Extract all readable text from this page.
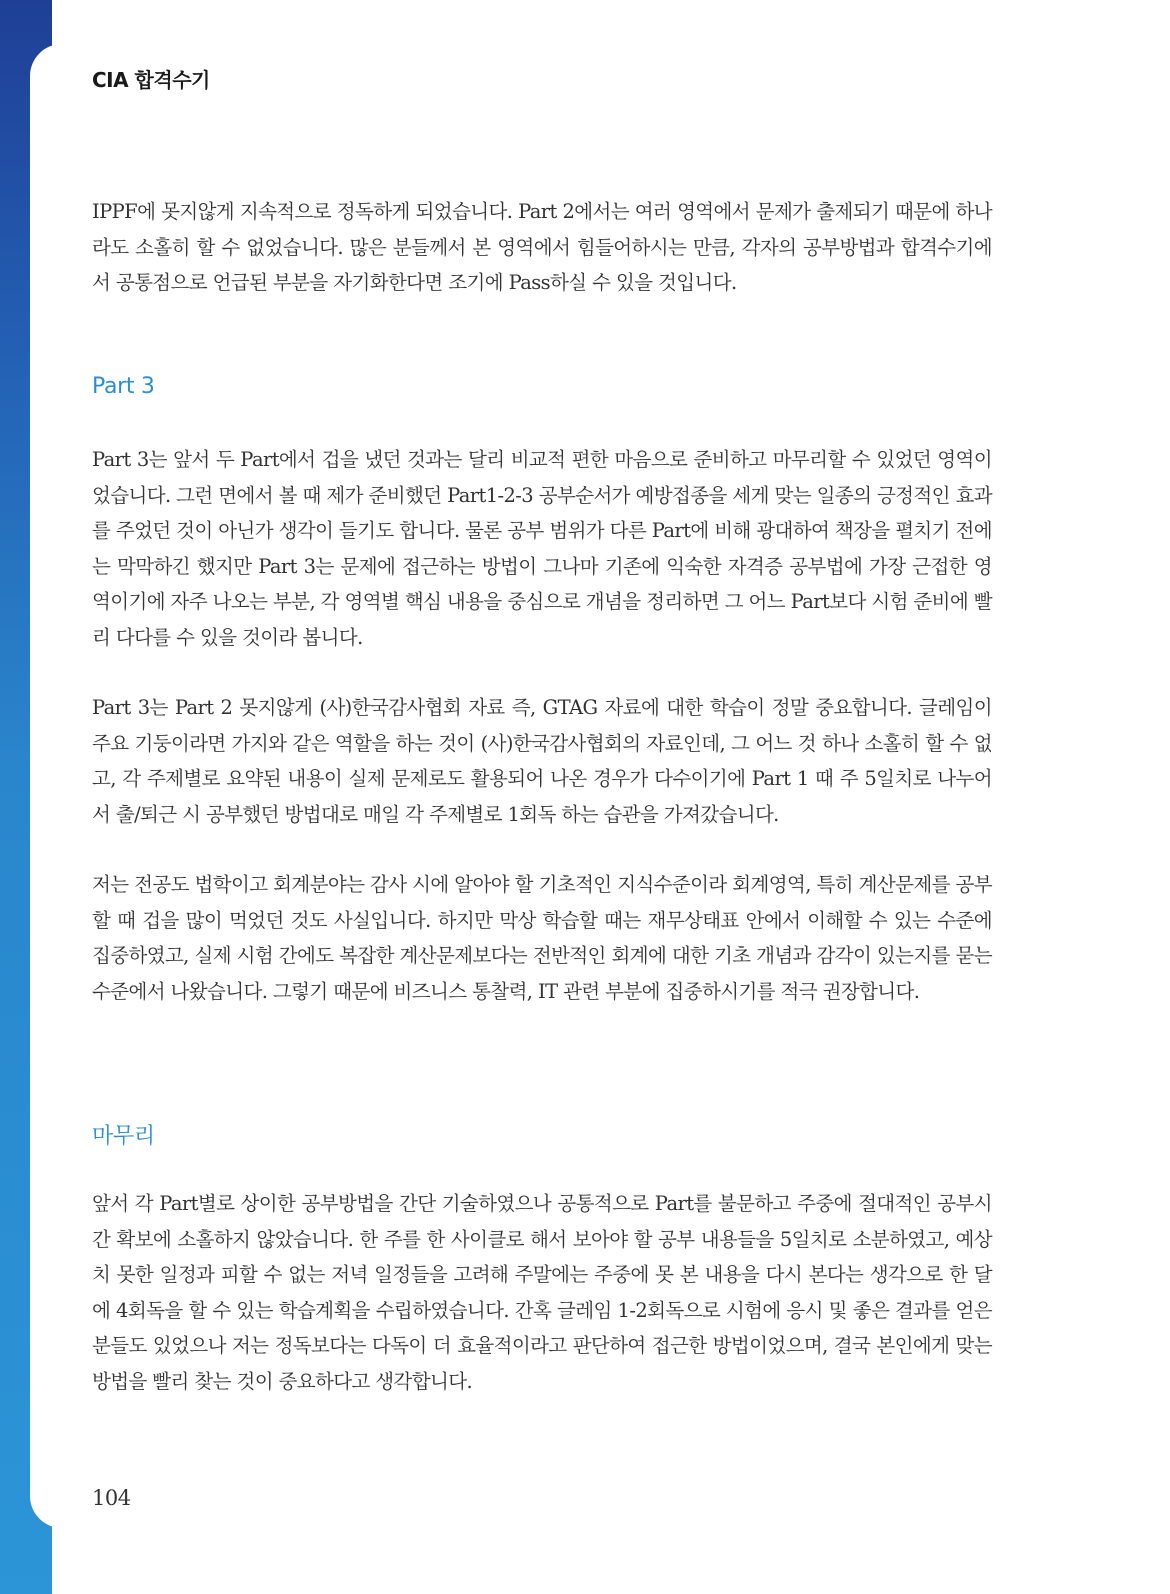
CIA 합격수기

IPPF에 못지않게 지속적으로 정독하게 되었습니다. Part 2에서는 여러 영역에서 문제가 출제되기 때문에 하나라도 소홀히 할 수 없었습니다. 많은 분들께서 본 영역에서 힘들어하시는 만큼, 각자의 공부방법과 합격수기에서 공통점으로 언급된 부분을 자기화한다면 조기에 Pass하실 수 있을 것입니다.

Part 3

Part 3는 앞서 두 Part에서 겁을 냈던 것과는 달리 비교적 편한 마음으로 준비하고 마무리할 수 있었던 영역이었습니다. 그런 면에서 볼 때 제가 준비했던 Part1-2-3 공부순서가 예방접종을 세게 맞는 일종의 긍정적인 효과를 주었던 것이 아닌가 생각이 들기도 합니다. 물론 공부 범위가 다른 Part에 비해 광대하여 책장을 펼치기 전에는 막막하긴 했지만 Part 3는 문제에 접근하는 방법이 그나마 기존에 익숙한 자격증 공부법에 가장 근접한 영역이기에 자주 나오는 부분, 각 영역별 핵심 내용을 중심으로 개념을 정리하면 그 어느 Part보다 시험 준비에 빨리 다다를 수 있을 것이라 봅니다.

Part 3는 Part 2 못지않게 (사)한국감사협회 자료 즉, GTAG 자료에 대한 학습이 정말 중요합니다. 글레임이 주요 기둥이라면 가지와 같은 역할을 하는 것이 (사)한국감사협회의 자료인데, 그 어느 것 하나 소홀히 할 수 없고, 각 주제별로 요약된 내용이 실제 문제로도 활용되어 나온 경우가 다수이기에 Part 1 때 주 5일치로 나누어서 출/퇴근 시 공부했던 방법대로 매일 각 주제별로 1회독 하는 습관을 가져갔습니다.

저는 전공도 법학이고 회계분야는 감사 시에 알아야 할 기초적인 지식수준이라 회계영역, 특히 계산문제를 공부할 때 겁을 많이 먹었던 것도 사실입니다. 하지만 막상 학습할 때는 재무상태표 안에서 이해할 수 있는 수준에 집중하였고, 실제 시험 간에도 복잡한 계산문제보다는 전반적인 회계에 대한 기초 개념과 감각이 있는지를 묻는 수준에서 나왔습니다. 그렇기 때문에 비즈니스 통찰력, IT 관련 부분에 집중하시기를 적극 권장합니다.

마무리

앞서 각 Part별로 상이한 공부방법을 간단 기술하였으나 공통적으로 Part를 불문하고 주중에 절대적인 공부시간 확보에 소홀하지 않았습니다. 한 주를 한 사이클로 해서 보아야 할 공부 내용들을 5일치로 소분하였고, 예상치 못한 일정과 피할 수 없는 저녁 일정들을 고려해 주말에는 주중에 못 본 내용을 다시 본다는 생각으로 한 달에 4회독을 할 수 있는 학습계획을 수립하였습니다. 간혹 글레임 1-2회독으로 시험에 응시 및 좋은 결과를 얻은 분들도 있었으나 저는 정독보다는 다독이 더 효율적이라고 판단하여 접근한 방법이었으며, 결국 본인에게 맞는 방법을 빨리 찾는 것이 중요하다고 생각합니다.

104
